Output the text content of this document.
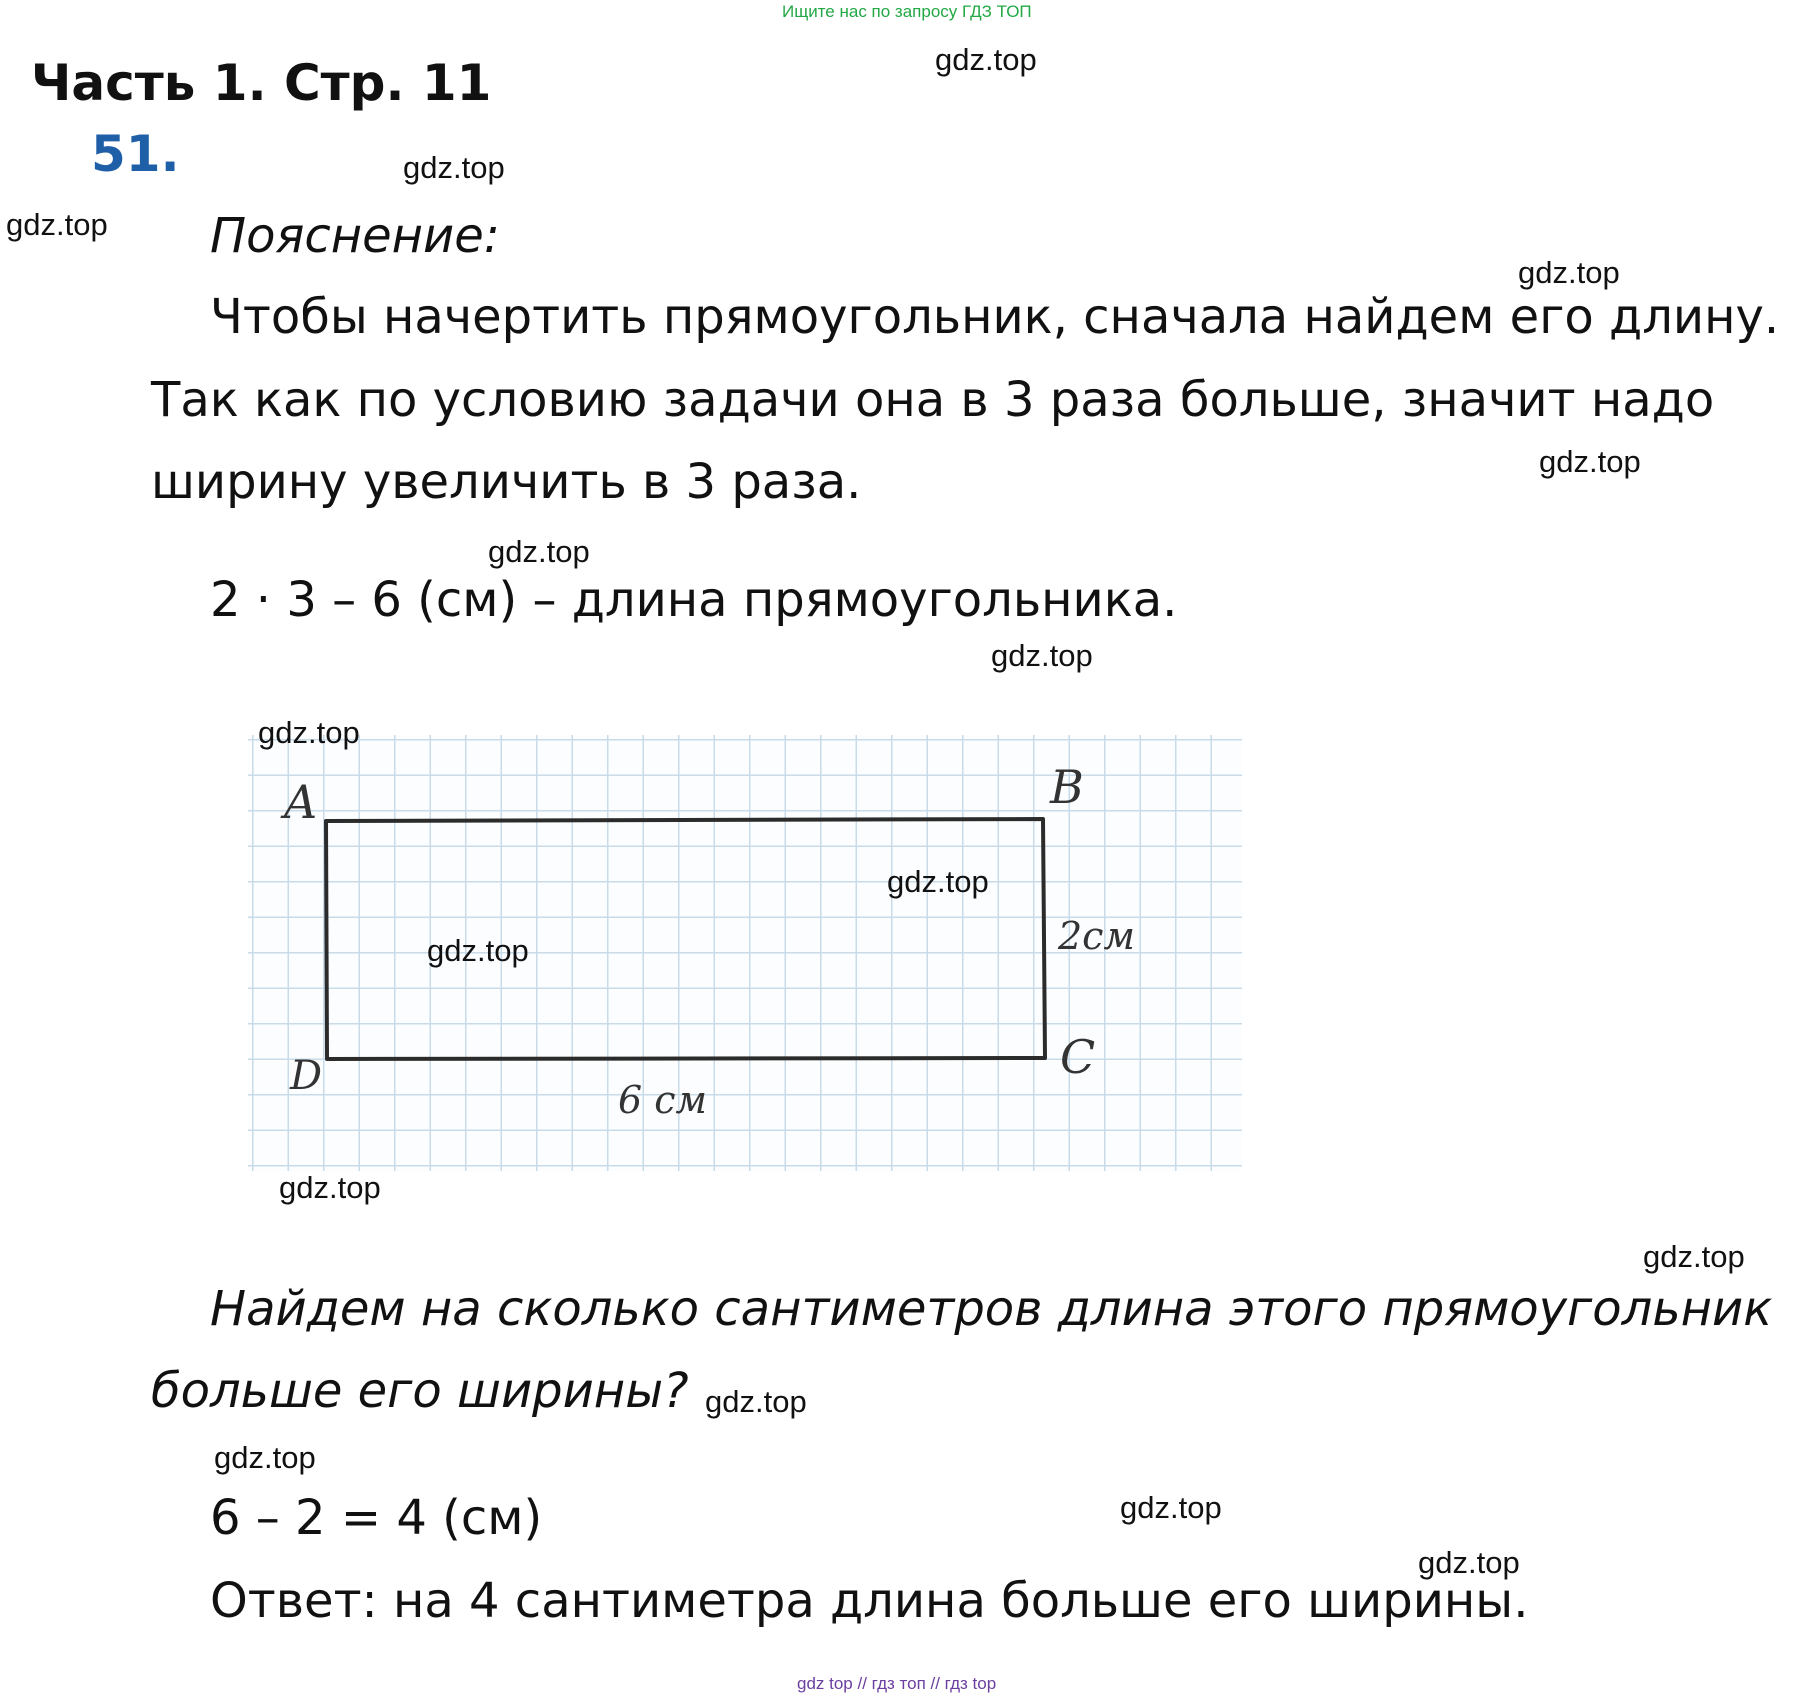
Ищите нас по запросу ГДЗ ТОП
Часть 1. Стр. 11
51.
Пояснение:
Чтобы начертить прямоугольник, сначала найдем его длину.
Так как по условию задачи она в 3 раза больше, значит надо
ширину увеличить в 3 раза.
2 · 3 – 6 (см) – длина прямоугольника.
A	B
C
D
2см
6 см
Найдем на сколько сантиметров длина этого прямоугольник
больше его ширины?
6 – 2 = 4 (см)
Ответ: на 4 сантиметра длина больше его ширины.
gdz.top
gdz.top
gdz.top
gdz.top
gdz.top
gdz.top
gdz.top
gdz.top
gdz.top
gdz.top
gdz.top
gdz.top
gdz.top
gdz.top
gdz.top
gdz.top
gdz top // гдз топ // гдз top
